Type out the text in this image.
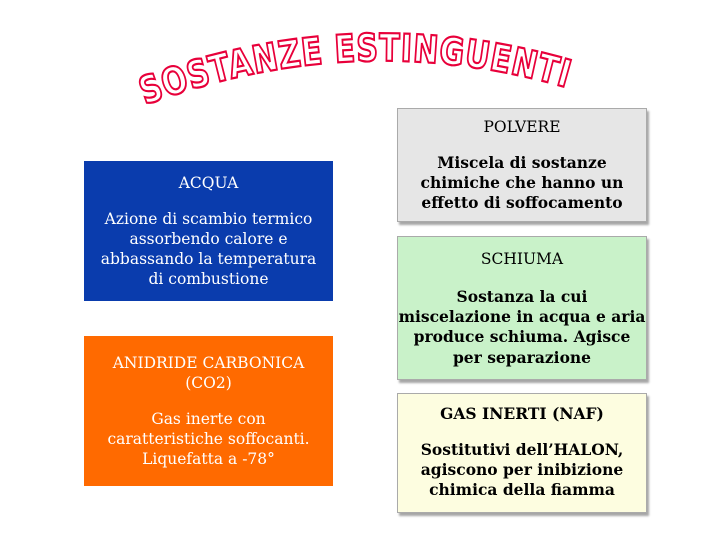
SOSTANZE ESTINGUENTI
ACQUA
Azione di scambio termico
assorbendo calore e
abbassando la temperatura
di combustione
ANIDRIDE CARBONICA
(CO2)
Gas inerte con
caratteristiche soffocanti.
Liquefatta a -78°
POLVERE
Miscela di sostanze
chimiche che hanno un
effetto di soffocamento
SCHIUMA
Sostanza la cui
miscelazione in acqua e aria
produce schiuma. Agisce
per separazione
GAS INERTI (NAF)
Sostitutivi dell’HALON,
agiscono per inibizione
chimica della fiamma
